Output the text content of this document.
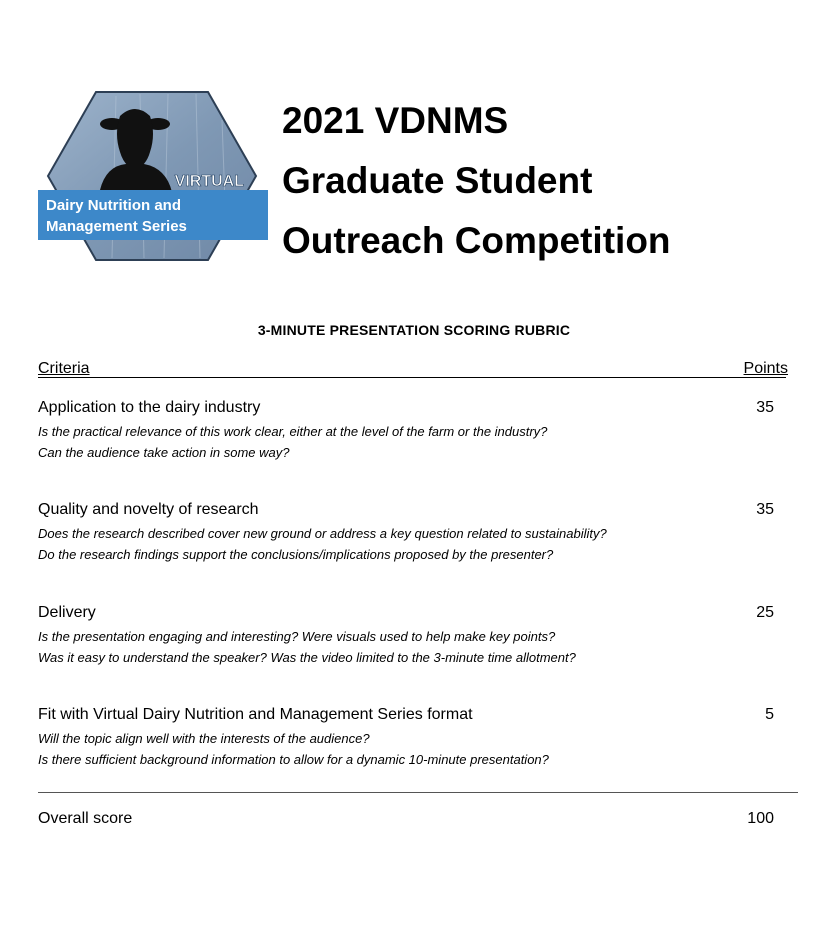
VIRTUAL
Dairy Nutrition and
Management Series
2021 VDNMS
Graduate Student
Outreach Competition
3-MINUTE PRESENTATION SCORING RUBRIC
Criteria	Points
Application to the dairy industry	35
Is the practical relevance of this work clear, either at the level of the farm or the industry?
Can the audience take action in some way?
Quality and novelty of research	35
Does the research described cover new ground or address a key question related to sustainability?
Do the research findings support the conclusions/implications proposed by the presenter?
Delivery	25
Is the presentation engaging and interesting? Were visuals used to help make key points?
Was it easy to understand the speaker? Was the video limited to the 3-minute time allotment?
Fit with Virtual Dairy Nutrition and Management Series format	5
Will the topic align well with the interests of the audience?
Is there sufficient background information to allow for a dynamic 10-minute presentation?
Overall score	100
